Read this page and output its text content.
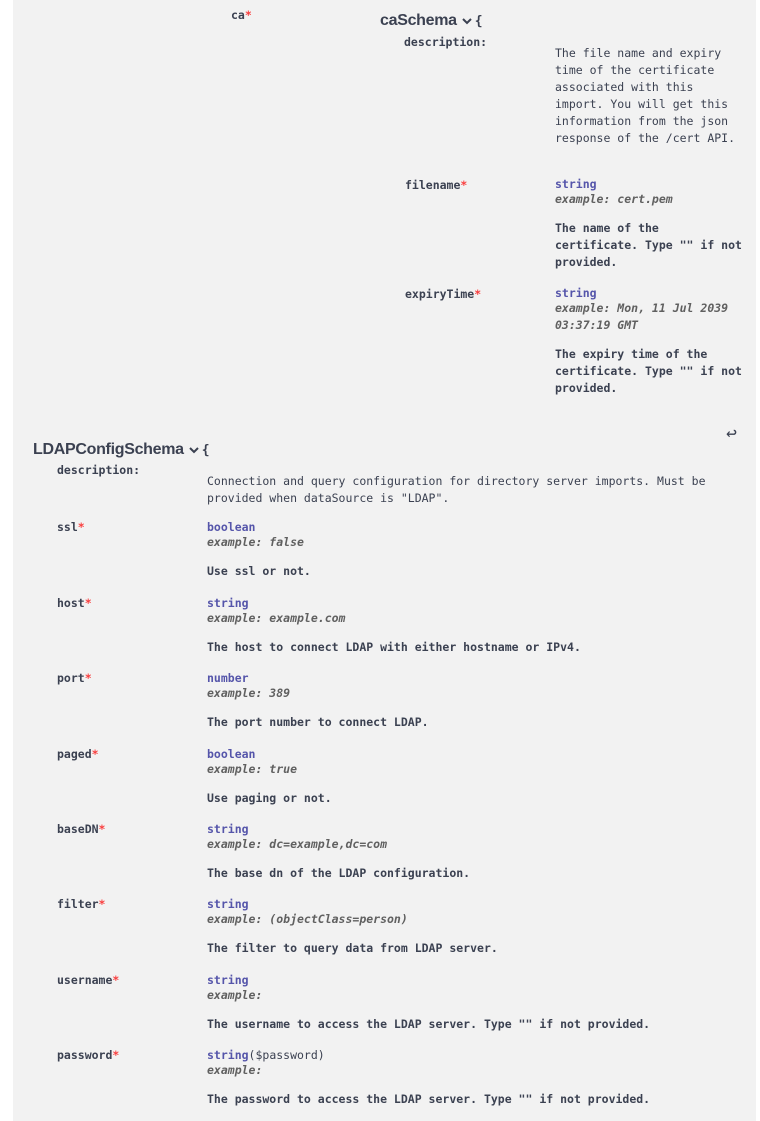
ca*	caSchema {
description:
The file name and expiry time of the certificate associated with this import. You will get this information from the json response of the /cert API.
filename*	string
example: cert.pem
The name of the certificate. Type "" if not provided.
expiryTime*	string
example: Mon, 11 Jul 2039 03:37:19 GMT
The expiry time of the certificate. Type "" if not provided.
↩
LDAPConfigSchema {
description:
Connection and query configuration for directory server imports. Must be provided when dataSource is "LDAP".
ssl*	boolean
example: false
Use ssl or not.
host*	string
example: example.com
The host to connect LDAP with either hostname or IPv4.
port*	number
example: 389
The port number to connect LDAP.
paged*	boolean
example: true
Use paging or not.
baseDN*	string
example: dc=example,dc=com
The base dn of the LDAP configuration.
filter*	string
example: (objectClass=person)
The filter to query data from LDAP server.
username*	string
example:
The username to access the LDAP server. Type "" if not provided.
password*	string($password)
example:
The password to access the LDAP server. Type "" if not provided.
